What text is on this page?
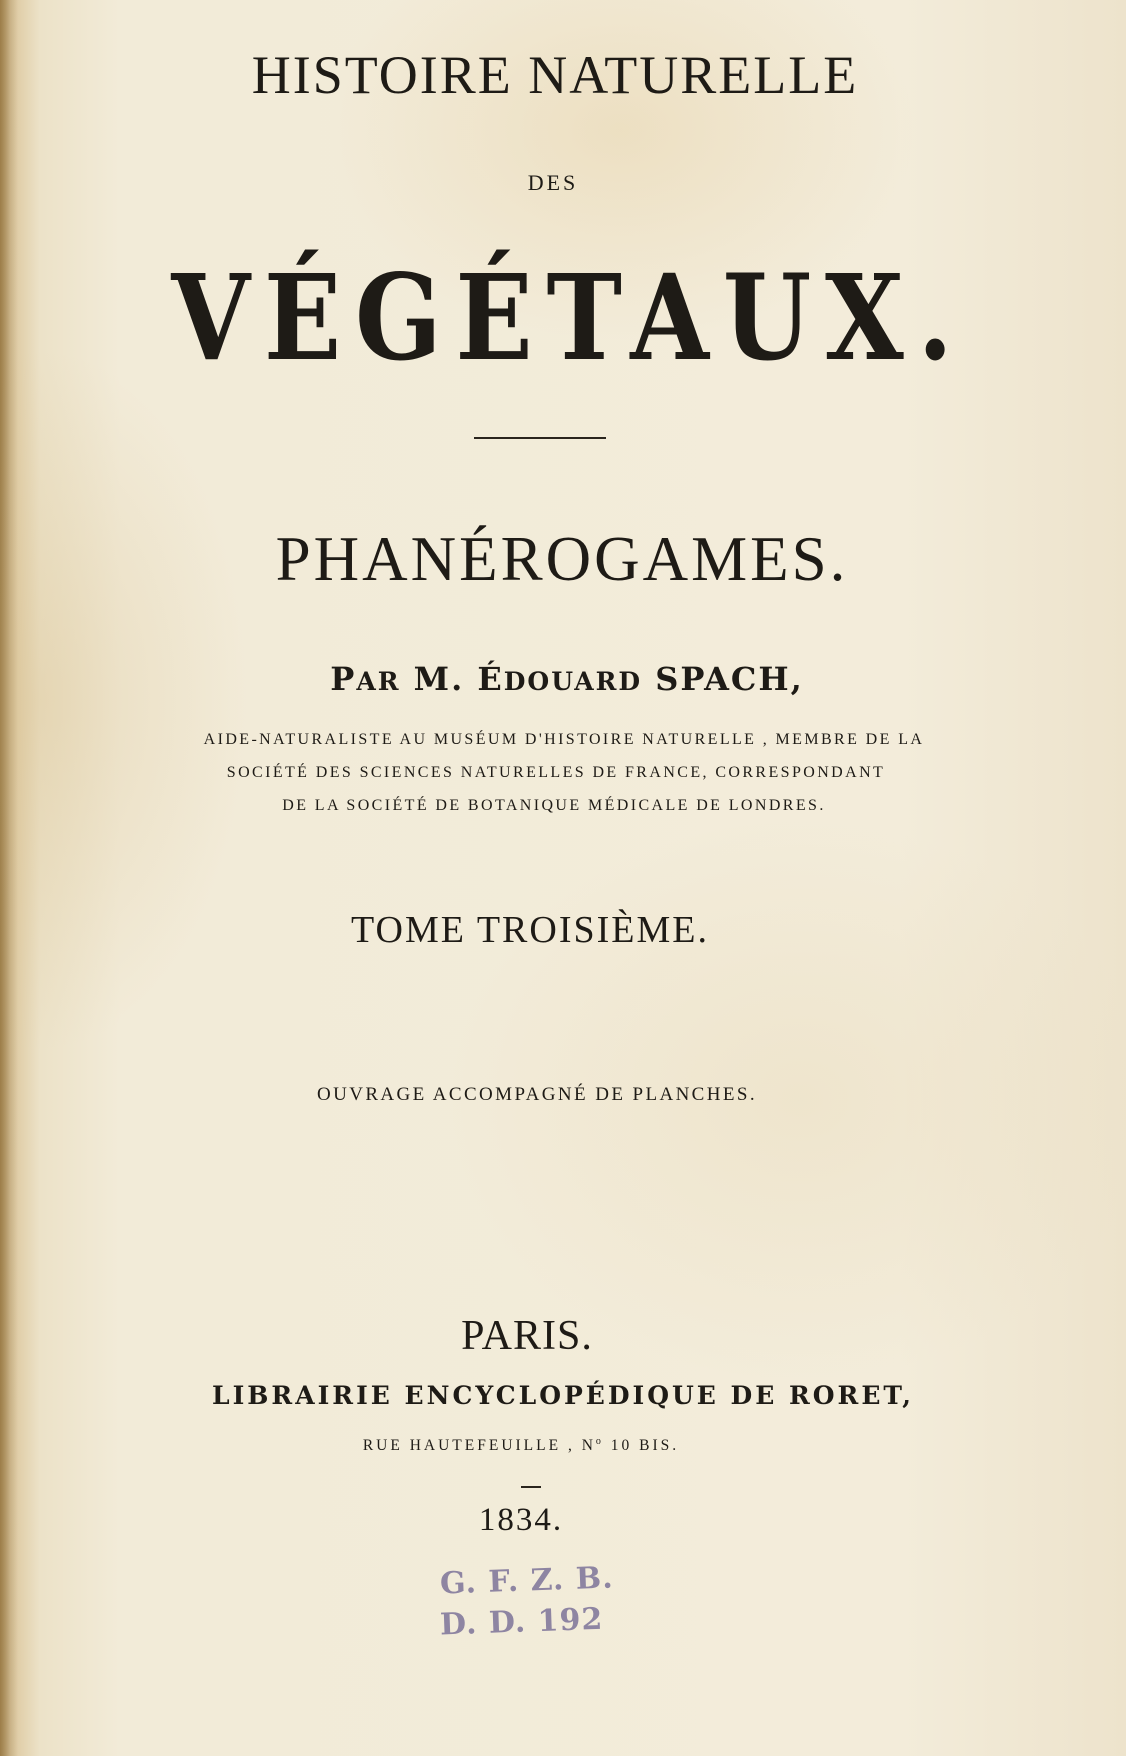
HISTOIRE NATURELLE

DES

VÉGÉTAUX.

PHANÉROGAMES.

PAR M. ÉDOUARD SPACH,

AIDE-NATURALISTE AU MUSÉUM D'HISTOIRE NATURELLE , MEMBRE DE LA

SOCIÉTÉ DES SCIENCES NATURELLES DE FRANCE, CORRESPONDANT

DE LA SOCIÉTÉ DE BOTANIQUE MÉDICALE DE LONDRES.

TOME TROISIÈME.

OUVRAGE ACCOMPAGNÉ DE PLANCHES.

PARIS.

LIBRAIRIE ENCYCLOPÉDIQUE DE RORET,

RUE HAUTEFEUILLE , $N^o$ 10 BIS.

1834.

G. F. Z. B.
D. D. 192
